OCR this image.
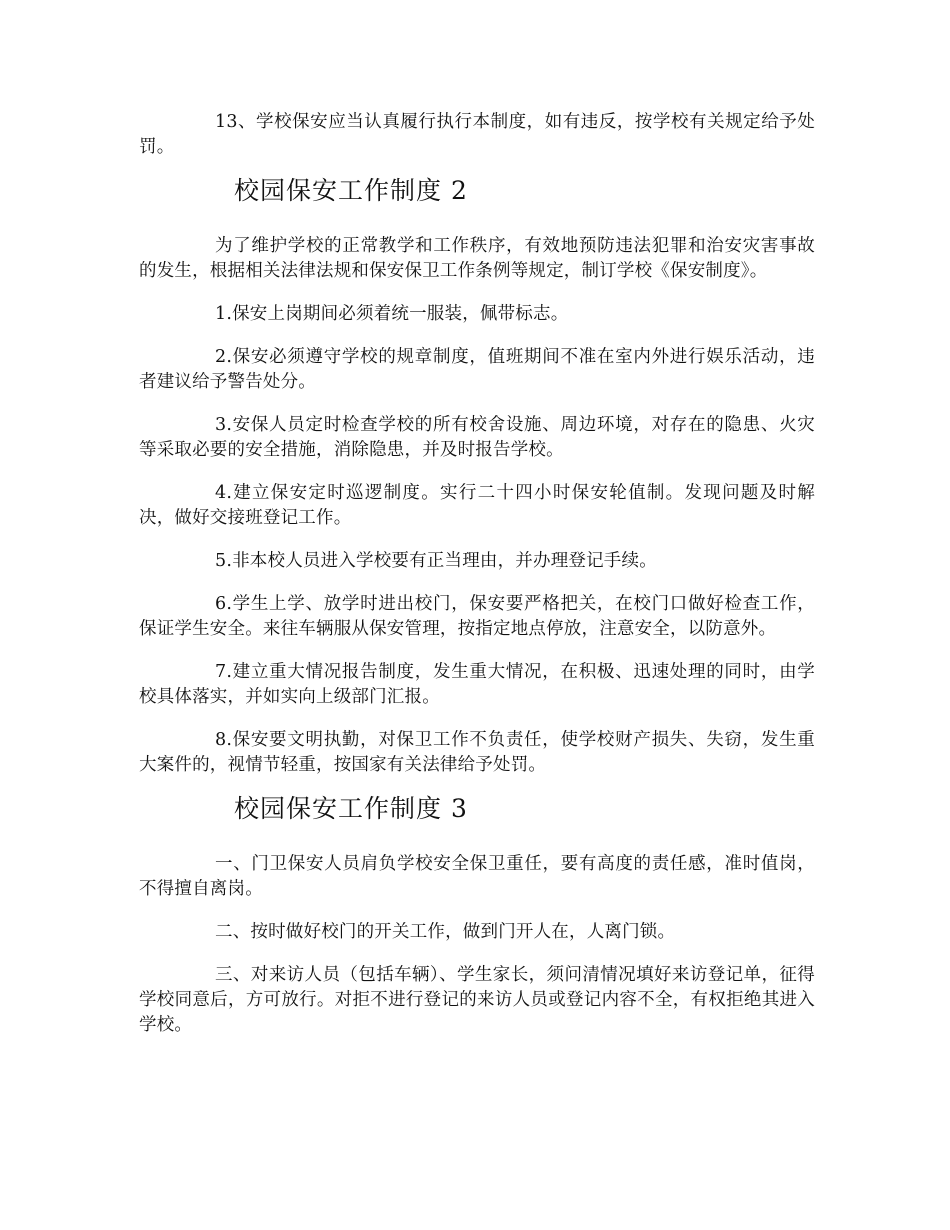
13、学校保安应当认真履行执行本制度，如有违反，按学校有关规定给予处罚。

校园保安工作制度 2

为了维护学校的正常教学和工作秩序，有效地预防违法犯罪和治安灾害事故的发生，根据相关法律法规和保安保卫工作条例等规定，制订学校《保安制度》。

1.保安上岗期间必须着统一服装，佩带标志。

2.保安必须遵守学校的规章制度，值班期间不准在室内外进行娱乐活动，违者建议给予警告处分。

3.安保人员定时检查学校的所有校舍设施、周边环境，对存在的隐患、火灾等采取必要的安全措施，消除隐患，并及时报告学校。

4.建立保安定时巡逻制度。实行二十四小时保安轮值制。发现问题及时解决，做好交接班登记工作。

5.非本校人员进入学校要有正当理由，并办理登记手续。

6.学生上学、放学时进出校门，保安要严格把关，在校门口做好检查工作，保证学生安全。来往车辆服从保安管理，按指定地点停放，注意安全，以防意外。

7.建立重大情况报告制度，发生重大情况，在积极、迅速处理的同时，由学校具体落实，并如实向上级部门汇报。

8.保安要文明执勤，对保卫工作不负责任，使学校财产损失、失窃，发生重大案件的，视情节轻重，按国家有关法律给予处罚。

校园保安工作制度 3

一、门卫保安人员肩负学校安全保卫重任，要有高度的责任感，准时值岗，不得擅自离岗。

二、按时做好校门的开关工作，做到门开人在，人离门锁。

三、对来访人员（包括车辆）、学生家长，须问清情况填好来访登记单，征得学校同意后，方可放行。对拒不进行登记的来访人员或登记内容不全，有权拒绝其进入学校。
